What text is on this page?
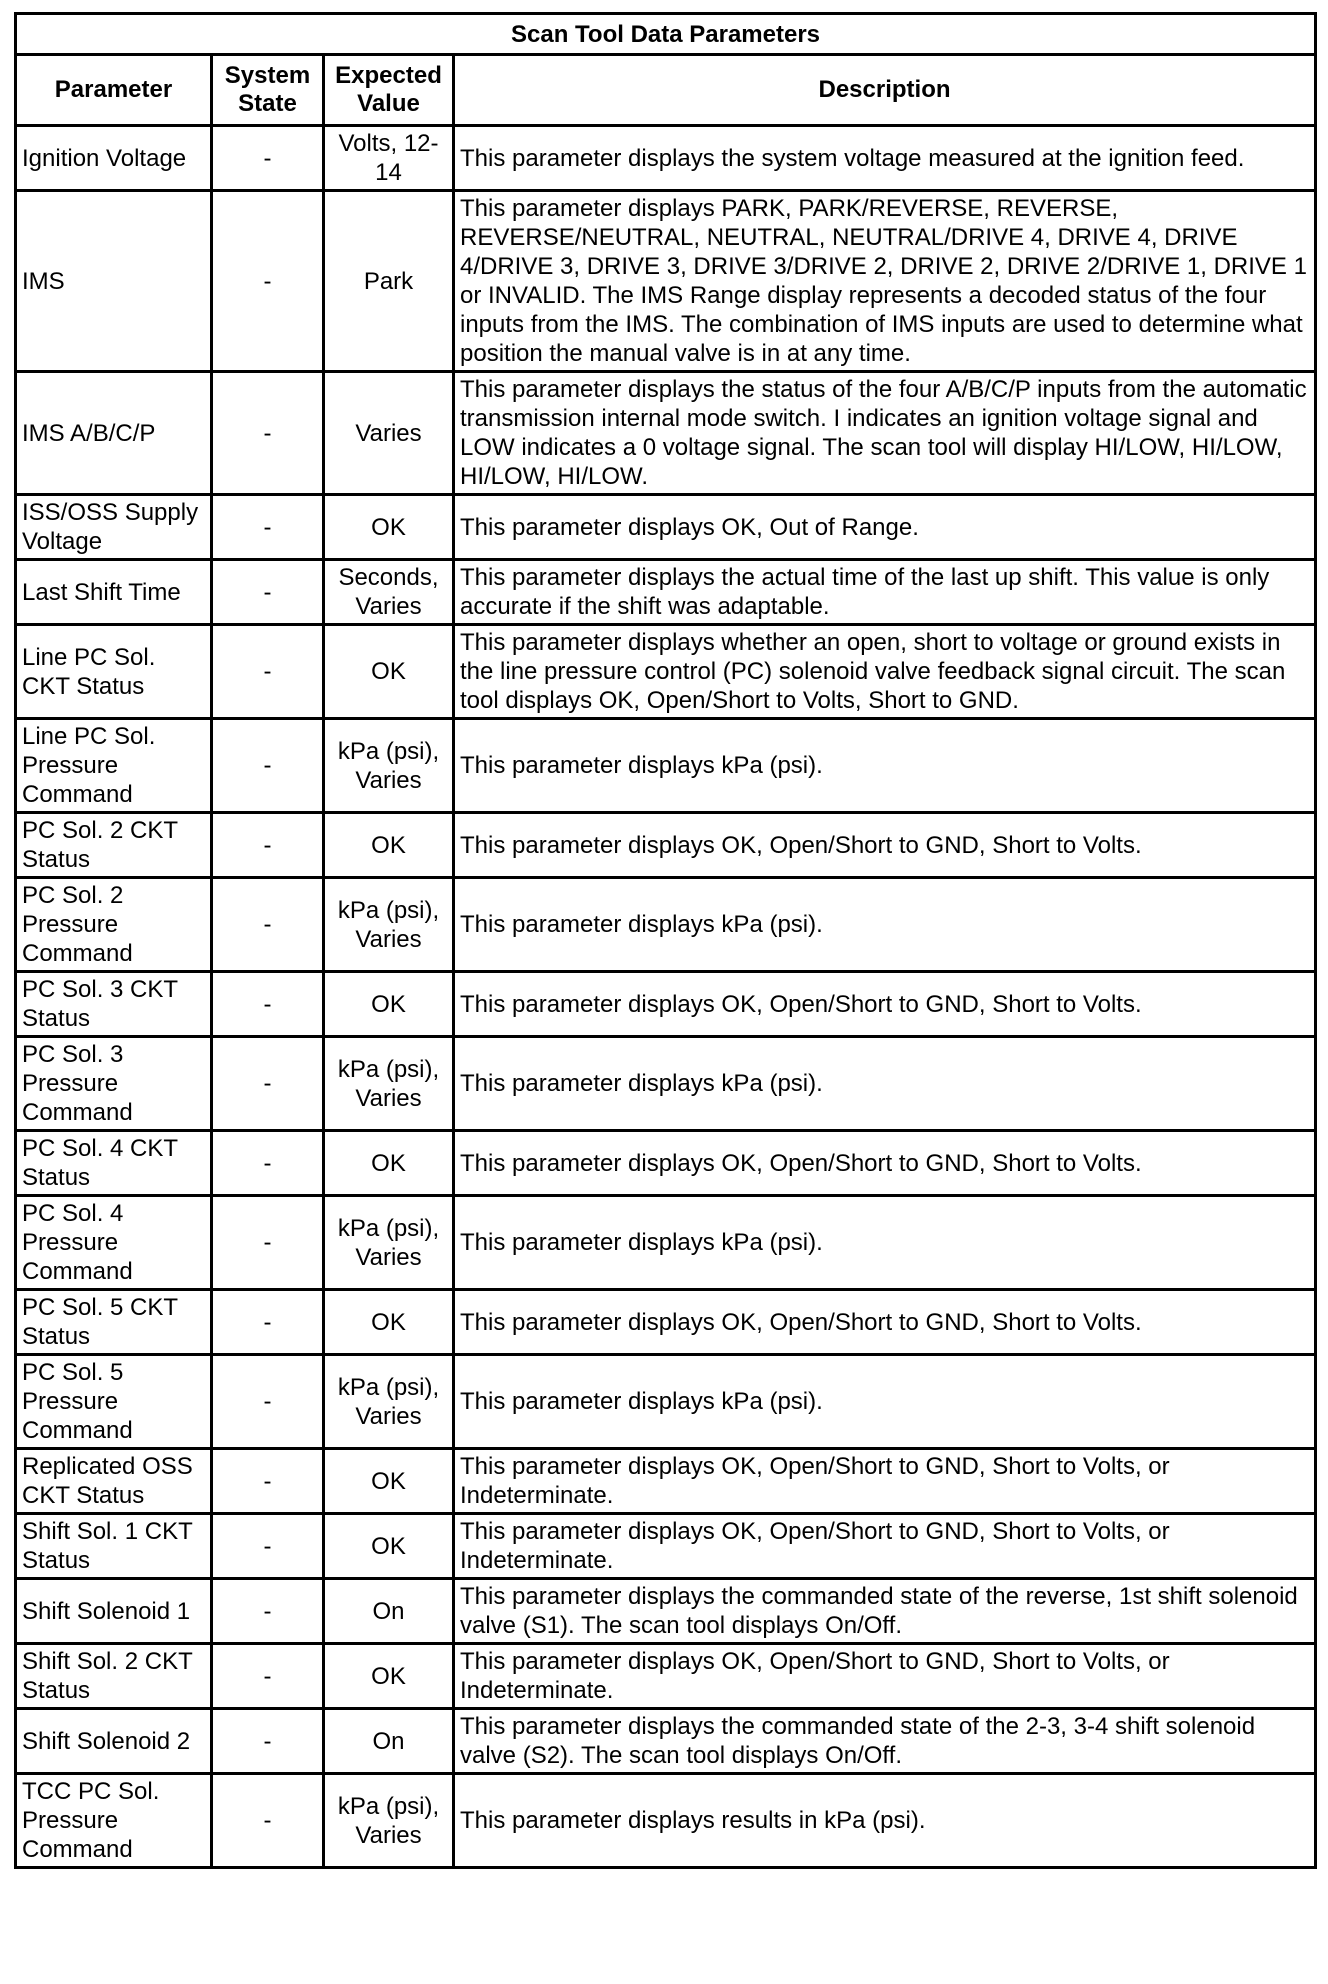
Scan Tool Data Parameters			
Parameter	System State	Expected Value	Description
Ignition Voltage	-	Volts, 12-14	This parameter displays the system voltage measured at the ignition feed.
IMS	-	Park	This parameter displays PARK, PARK/REVERSE, REVERSE, REVERSE/NEUTRAL, NEUTRAL, NEUTRAL/DRIVE 4, DRIVE 4, DRIVE 4/DRIVE 3, DRIVE 3, DRIVE 3/DRIVE 2, DRIVE 2, DRIVE 2/DRIVE 1, DRIVE 1 or INVALID. The IMS Range display represents a decoded status of the four inputs from the IMS. The combination of IMS inputs are used to determine what position the manual valve is in at any time.
IMS A/B/C/P	-	Varies	This parameter displays the status of the four A/B/C/P inputs from the automatic transmission internal mode switch. I indicates an ignition voltage signal and LOW indicates a 0 voltage signal. The scan tool will display HI/LOW, HI/LOW, HI/LOW, HI/LOW.
ISS/OSS Supply Voltage	-	OK	This parameter displays OK, Out of Range.
Last Shift Time	-	Seconds, Varies	This parameter displays the actual time of the last up shift. This value is only accurate if the shift was adaptable.
Line PC Sol. CKT Status	-	OK	This parameter displays whether an open, short to voltage or ground exists in the line pressure control (PC) solenoid valve feedback signal circuit. The scan tool displays OK, Open/Short to Volts, Short to GND.
Line PC Sol. Pressure Command	-	kPa (psi), Varies	This parameter displays kPa (psi).
PC Sol. 2 CKT Status	-	OK	This parameter displays OK, Open/Short to GND, Short to Volts.
PC Sol. 2 Pressure Command	-	kPa (psi), Varies	This parameter displays kPa (psi).
PC Sol. 3 CKT Status	-	OK	This parameter displays OK, Open/Short to GND, Short to Volts.
PC Sol. 3 Pressure Command	-	kPa (psi), Varies	This parameter displays kPa (psi).
PC Sol. 4 CKT Status	-	OK	This parameter displays OK, Open/Short to GND, Short to Volts.
PC Sol. 4 Pressure Command	-	kPa (psi), Varies	This parameter displays kPa (psi).
PC Sol. 5 CKT Status	-	OK	This parameter displays OK, Open/Short to GND, Short to Volts.
PC Sol. 5 Pressure Command	-	kPa (psi), Varies	This parameter displays kPa (psi).
Replicated OSS CKT Status	-	OK	This parameter displays OK, Open/Short to GND, Short to Volts, or Indeterminate.
Shift Sol. 1 CKT Status	-	OK	This parameter displays OK, Open/Short to GND, Short to Volts, or Indeterminate.
Shift Solenoid 1	-	On	This parameter displays the commanded state of the reverse, 1st shift solenoid valve (S1). The scan tool displays On/Off.
Shift Sol. 2 CKT Status	-	OK	This parameter displays OK, Open/Short to GND, Short to Volts, or Indeterminate.
Shift Solenoid 2	-	On	This parameter displays the commanded state of the 2-3, 3-4 shift solenoid valve (S2). The scan tool displays On/Off.
TCC PC Sol. Pressure Command	-	kPa (psi), Varies	This parameter displays results in kPa (psi).
